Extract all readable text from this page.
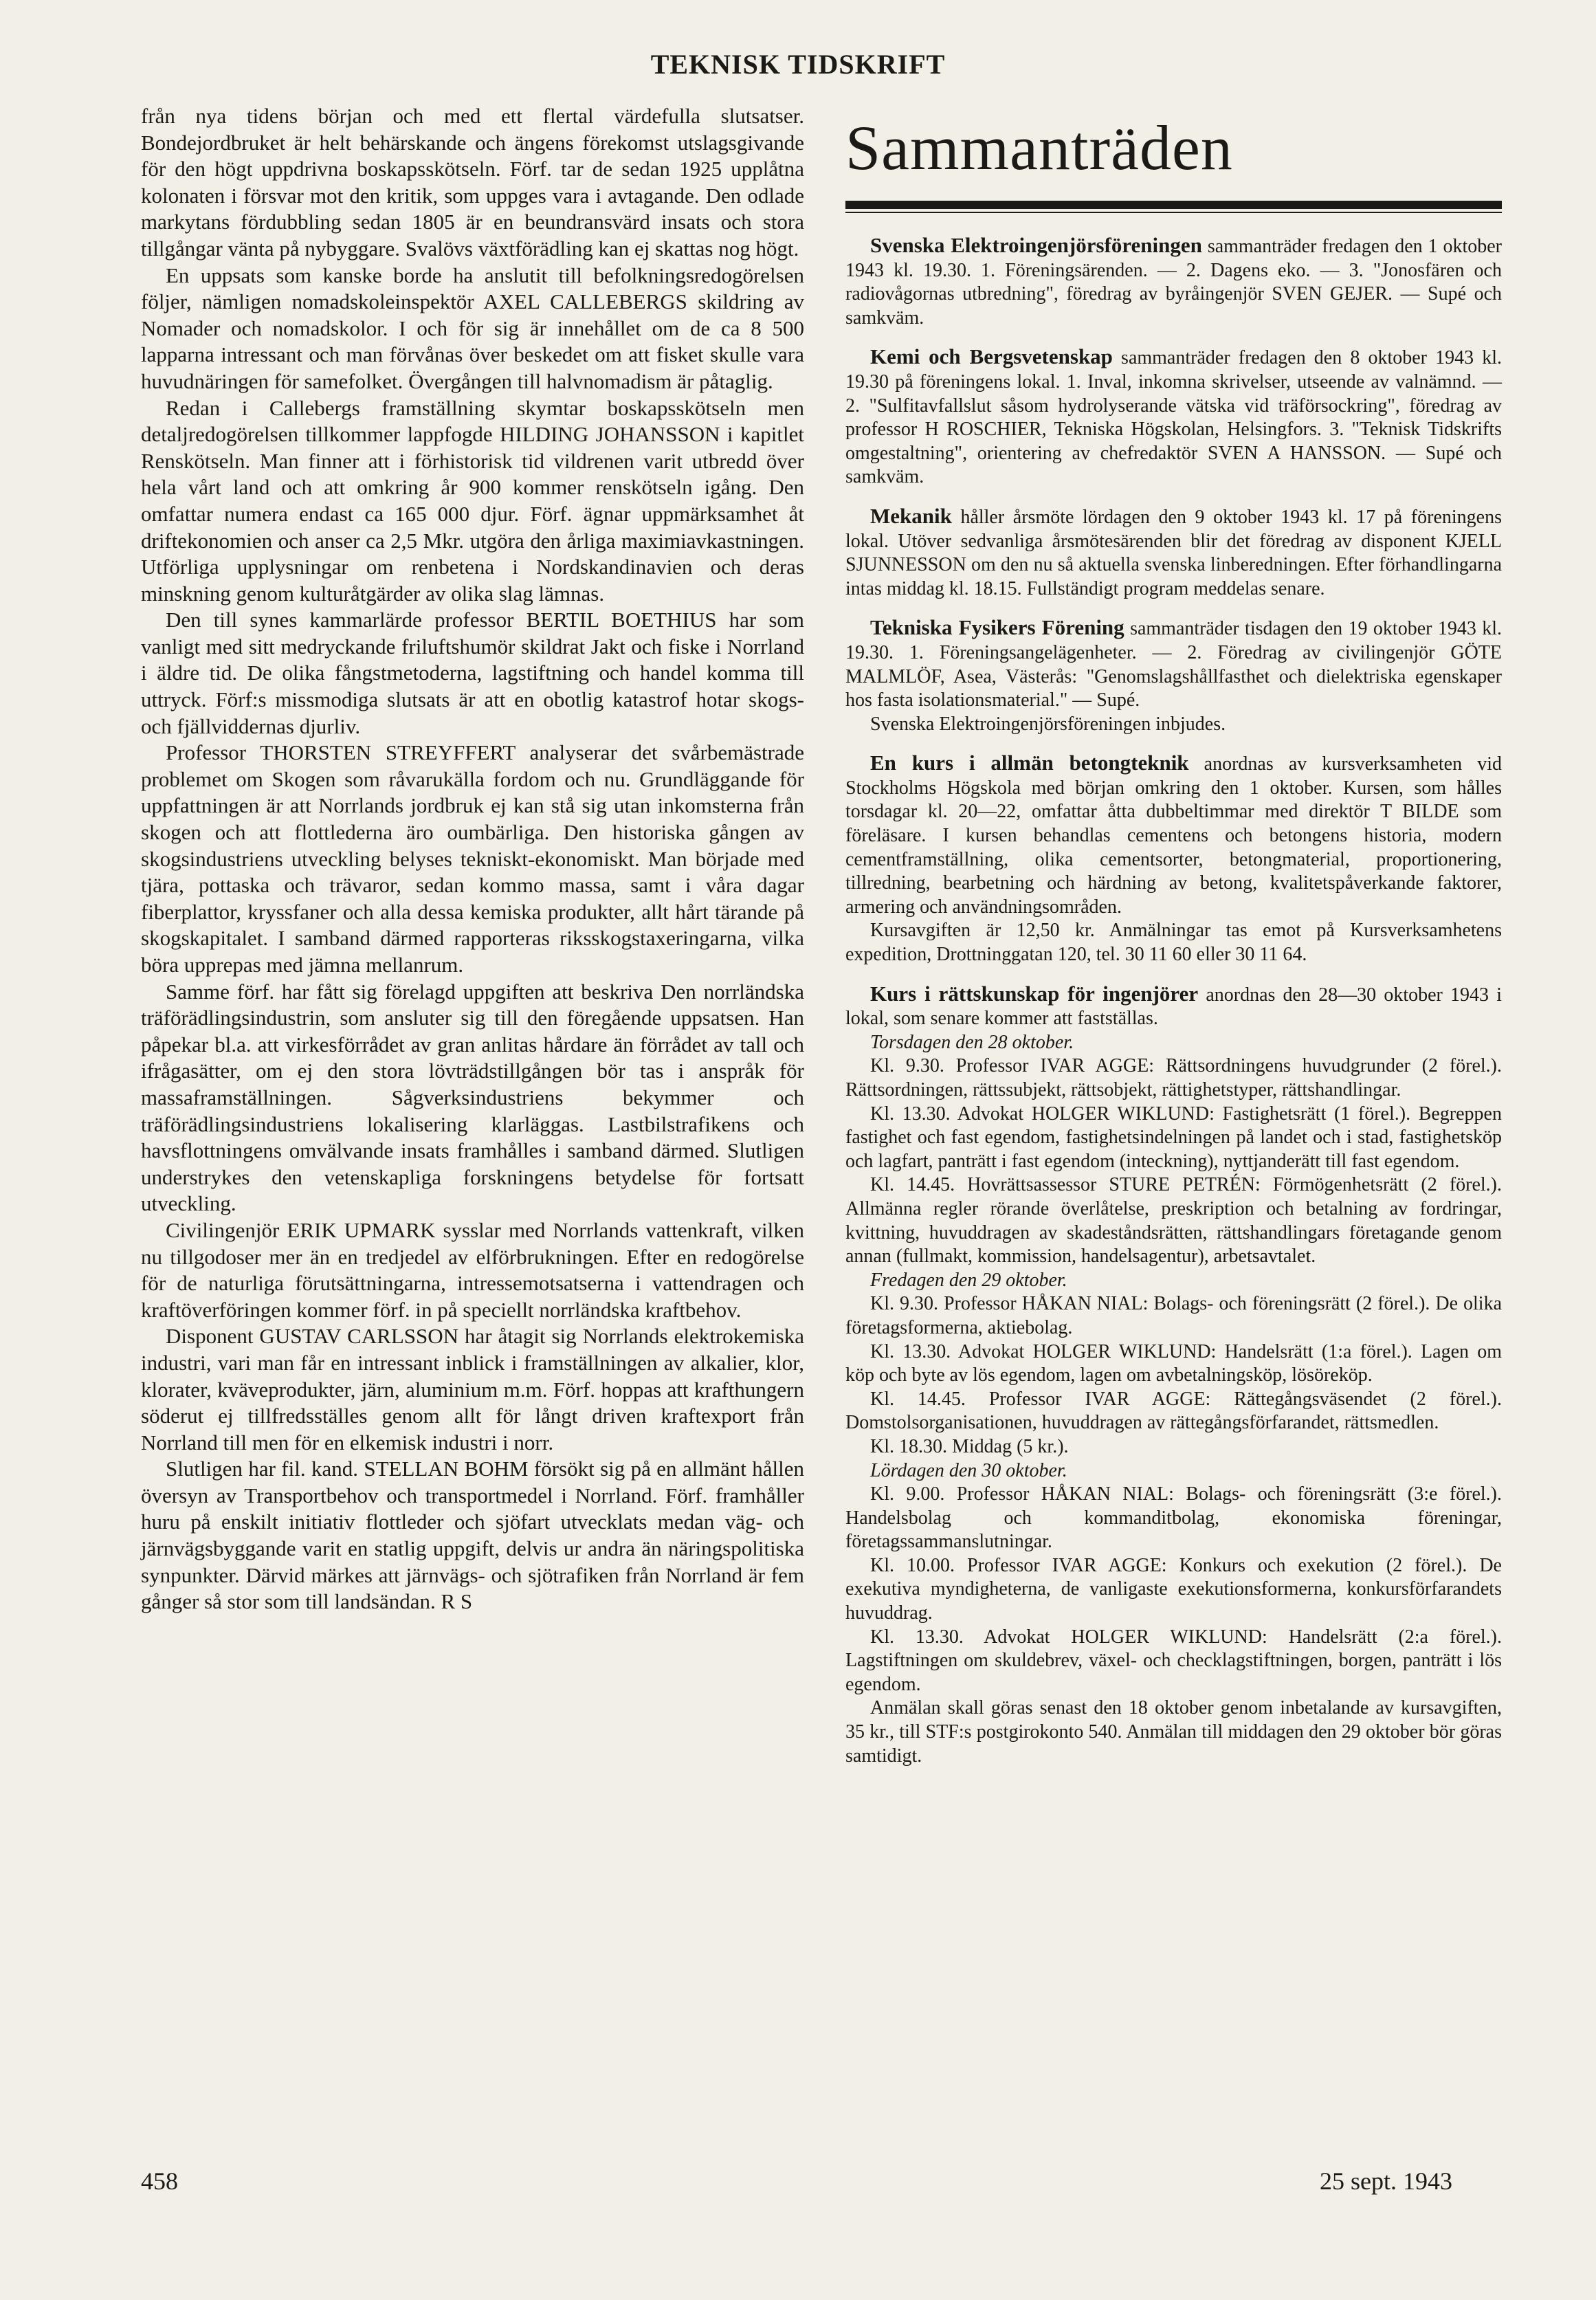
TEKNISK TIDSKRIFT

från nya tidens början och med ett flertal värdefulla slutsatser. Bondejordbruket är helt behärskande och ängens förekomst utslagsgivande för den högt uppdrivna boskapsskötseln. Förf. tar de sedan 1925 upplåtna kolonaten i försvar mot den kritik, som uppges vara i avtagande. Den odlade markytans fördubbling sedan 1805 är en beundransvärd insats och stora tillgångar vänta på nybyggare. Svalövs växtförädling kan ej skattas nog högt.

En uppsats som kanske borde ha anslutit till befolkningsredogörelsen följer, nämligen nomadskoleinspektör AXEL CALLEBERGS skildring av Nomader och nomadskolor. I och för sig är innehållet om de ca 8 500 lapparna intressant och man förvånas över beskedet om att fisket skulle vara huvudnäringen för samefolket. Övergången till halvnomadism är påtaglig.

Redan i Callebergs framställning skymtar boskapsskötseln men detaljredogörelsen tillkommer lappfogde HILDING JOHANSSON i kapitlet Renskötseln. Man finner att i förhistorisk tid vildrenen varit utbredd över hela vårt land och att omkring år 900 kommer renskötseln igång. Den omfattar numera endast ca 165 000 djur. Förf. ägnar uppmärksamhet åt driftekonomien och anser ca 2,5 Mkr. utgöra den årliga maximiavkastningen. Utförliga upplysningar om renbetena i Nordskandinavien och deras minskning genom kulturåtgärder av olika slag lämnas.

Den till synes kammarlärde professor BERTIL BOETHIUS har som vanligt med sitt medryckande friluftshumör skildrat Jakt och fiske i Norrland i äldre tid. De olika fångstmetoderna, lagstiftning och handel komma till uttryck. Förf:s missmodiga slutsats är att en obotlig katastrof hotar skogs- och fjällviddernas djurliv.

Professor THORSTEN STREYFFERT analyserar det svårbemästrade problemet om Skogen som råvarukälla fordom och nu. Grundläggande för uppfattningen är att Norrlands jordbruk ej kan stå sig utan inkomsterna från skogen och att flottlederna äro oumbärliga. Den historiska gången av skogsindustriens utveckling belyses tekniskt-ekonomiskt. Man började med tjära, pottaska och trävaror, sedan kommo massa, samt i våra dagar fiberplattor, kryssfaner och alla dessa kemiska produkter, allt hårt tärande på skogskapitalet. I samband därmed rapporteras riksskogstaxeringarna, vilka böra upprepas med jämna mellanrum.

Samme förf. har fått sig förelagd uppgiften att beskriva Den norrländska träförädlingsindustrin, som ansluter sig till den föregående uppsatsen. Han påpekar bl.a. att virkesförrådet av gran anlitas hårdare än förrådet av tall och ifrågasätter, om ej den stora lövträdstillgången bör tas i anspråk för massaframställningen. Sågverksindustriens bekymmer och träförädlingsindustriens lokalisering klarläggas. Lastbilstrafikens och havsflottningens omvälvande insats framhålles i samband därmed. Slutligen understrykes den vetenskapliga forskningens betydelse för fortsatt utveckling.

Civilingenjör ERIK UPMARK sysslar med Norrlands vattenkraft, vilken nu tillgodoser mer än en tredjedel av elförbrukningen. Efter en redogörelse för de naturliga förutsättningarna, intressemotsatserna i vattendragen och kraftöverföringen kommer förf. in på speciellt norrländska kraftbehov.

Disponent GUSTAV CARLSSON har åtagit sig Norrlands elektrokemiska industri, vari man får en intressant inblick i framställningen av alkalier, klor, klorater, kväveprodukter, järn, aluminium m.m. Förf. hoppas att krafthungern söderut ej tillfredsställes genom allt för långt driven kraftexport från Norrland till men för en elkemisk industri i norr.

Slutligen har fil. kand. STELLAN BOHM försökt sig på en allmänt hållen översyn av Transportbehov och transportmedel i Norrland. Förf. framhåller huru på enskilt initiativ flottleder och sjöfart utvecklats medan väg- och järnvägsbyggande varit en statlig uppgift, delvis ur andra än näringspolitiska synpunkter. Därvid märkes att järnvägs- och sjötrafiken från Norrland är fem gånger så stor som till landsändan. R S

Sammanträden

Svenska Elektroingenjörsföreningen sammanträder fredagen den 1 oktober 1943 kl. 19.30. 1. Föreningsärenden. — 2. Dagens eko. — 3. "Jonosfären och radiovågornas utbredning", föredrag av byråingenjör SVEN GEJER. — Supé och samkväm.

Kemi och Bergsvetenskap sammanträder fredagen den 8 oktober 1943 kl. 19.30 på föreningens lokal. 1. Inval, inkomna skrivelser, utseende av valnämnd. — 2. "Sulfitavfallslut såsom hydrolyserande vätska vid träförsockring", föredrag av professor H ROSCHIER, Tekniska Högskolan, Helsingfors. 3. "Teknisk Tidskrifts omgestaltning", orientering av chefredaktör SVEN A HANSSON. — Supé och samkväm.

Mekanik håller årsmöte lördagen den 9 oktober 1943 kl. 17 på föreningens lokal. Utöver sedvanliga årsmötesärenden blir det föredrag av disponent KJELL SJUNNESSON om den nu så aktuella svenska linberedningen. Efter förhandlingarna intas middag kl. 18.15. Fullständigt program meddelas senare.

Tekniska Fysikers Förening sammanträder tisdagen den 19 oktober 1943 kl. 19.30. 1. Föreningsangelägenheter. — 2. Föredrag av civilingenjör GÖTE MALMLÖF, Asea, Västerås: "Genomslagshållfasthet och dielektriska egenskaper hos fasta isolationsmaterial." — Supé.

Svenska Elektroingenjörsföreningen inbjudes.

En kurs i allmän betongteknik anordnas av kursverksamheten vid Stockholms Högskola med början omkring den 1 oktober. Kursen, som hålles torsdagar kl. 20—22, omfattar åtta dubbeltimmar med direktör T BILDE som föreläsare. I kursen behandlas cementens och betongens historia, modern cementframställning, olika cementsorter, betongmaterial, proportionering, tillredning, bearbetning och härdning av betong, kvalitetspåverkande faktorer, armering och användningsområden.

Kursavgiften är 12,50 kr. Anmälningar tas emot på Kursverksamhetens expedition, Drottninggatan 120, tel. 30 11 60 eller 30 11 64.

Kurs i rättskunskap för ingenjörer anordnas den 28—30 oktober 1943 i lokal, som senare kommer att fastställas.

Torsdagen den 28 oktober.

Kl. 9.30. Professor IVAR AGGE: Rättsordningens huvudgrunder (2 förel.). Rättsordningen, rättssubjekt, rättsobjekt, rättighetstyper, rättshandlingar.

Kl. 13.30. Advokat HOLGER WIKLUND: Fastighetsrätt (1 förel.). Begreppen fastighet och fast egendom, fastighetsindelningen på landet och i stad, fastighetsköp och lagfart, panträtt i fast egendom (inteckning), nyttjanderätt till fast egendom.

Kl. 14.45. Hovrättsassessor STURE PETRÉN: Förmögenhetsrätt (2 förel.). Allmänna regler rörande överlåtelse, preskription och betalning av fordringar, kvittning, huvuddragen av skadeståndsrätten, rättshandlingars företagande genom annan (fullmakt, kommission, handelsagentur), arbetsavtalet.

Fredagen den 29 oktober.

Kl. 9.30. Professor HÅKAN NIAL: Bolags- och föreningsrätt (2 förel.). De olika företagsformerna, aktiebolag.

Kl. 13.30. Advokat HOLGER WIKLUND: Handelsrätt (1:a förel.). Lagen om köp och byte av lös egendom, lagen om avbetalningsköp, lösöreköp.

Kl. 14.45. Professor IVAR AGGE: Rättegångsväsendet (2 förel.). Domstolsorganisationen, huvuddragen av rättegångsförfarandet, rättsmedlen.

Kl. 18.30. Middag (5 kr.).

Lördagen den 30 oktober.

Kl. 9.00. Professor HÅKAN NIAL: Bolags- och föreningsrätt (3:e förel.). Handelsbolag och kommanditbolag, ekonomiska föreningar, företagssammanslutningar.

Kl. 10.00. Professor IVAR AGGE: Konkurs och exekution (2 förel.). De exekutiva myndigheterna, de vanligaste exekutionsformerna, konkursförfarandets huvuddrag.

Kl. 13.30. Advokat HOLGER WIKLUND: Handelsrätt (2:a förel.). Lagstiftningen om skuldebrev, växel- och checklagstiftningen, borgen, panträtt i lös egendom.

Anmälan skall göras senast den 18 oktober genom inbetalande av kursavgiften, 35 kr., till STF:s postgirokonto 540. Anmälan till middagen den 29 oktober bör göras samtidigt.

458	25 sept. 1943
